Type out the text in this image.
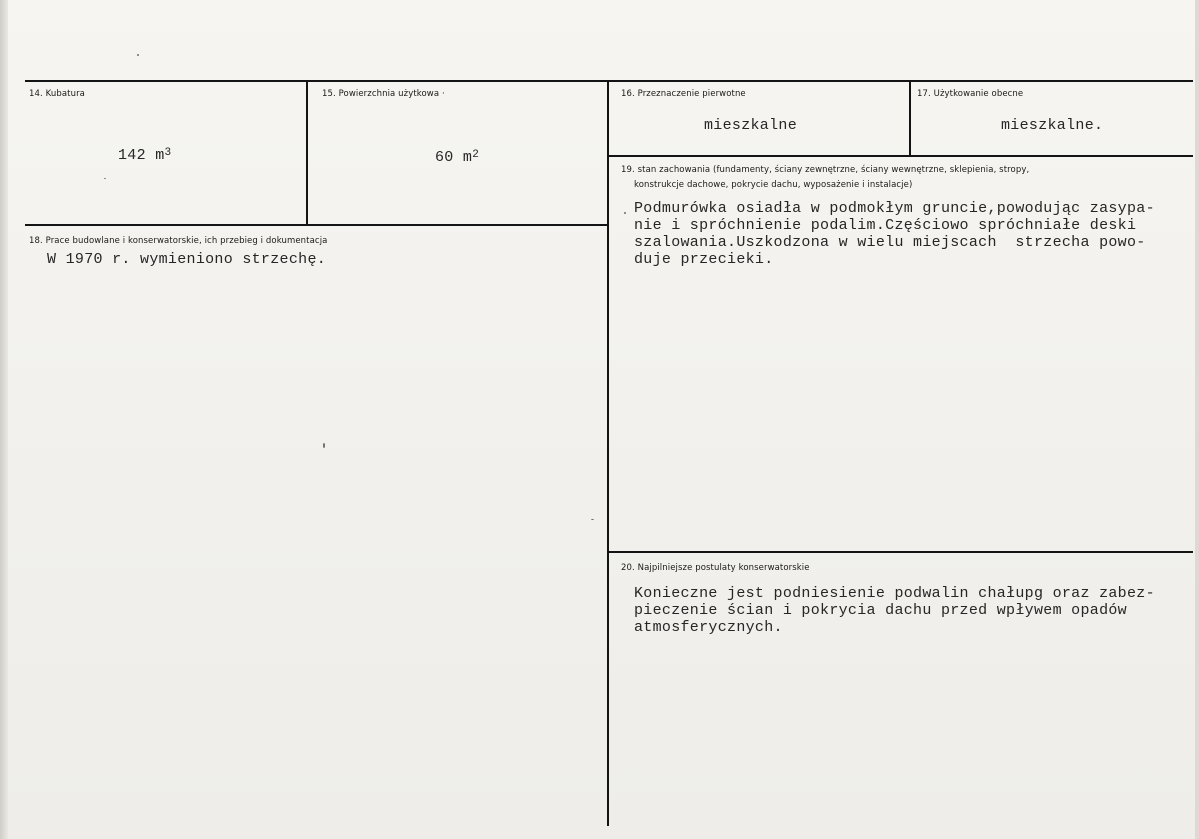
14. Kubatura
142 $m^3$
15. Powierzchnia użytkowa ·
60 $m^2$
16. Przeznaczenie pierwotne
mieszkalne
17. Użytkowanie obecne
mieszkalne.
18. Prace budowlane i konserwatorskie, ich przebieg i dokumentacja
W 1970 r. wymieniono strzechę.
19. stan zachowania (fundamenty, ściany zewnętrzne, ściany wewnętrzne, sklepienia, stropy,
konstrukcje dachowe, pokrycie dachu, wyposażenie i instalacje)
Podmurówka osiadła w podmokłym gruncie,powodując zasypa-
nie i spróchnienie podalim.Częściowo spróchniałe deski
szalowania.Uszkodzona w wielu miejscach  strzecha powo-
duje przecieki.
20. Najpilniejsze postulaty konserwatorskie
Konieczne jest podniesienie podwalin chałupg oraz zabez-
pieczenie ścian i pokrycia dachu przed wpływem opadów
atmosferycznych.
